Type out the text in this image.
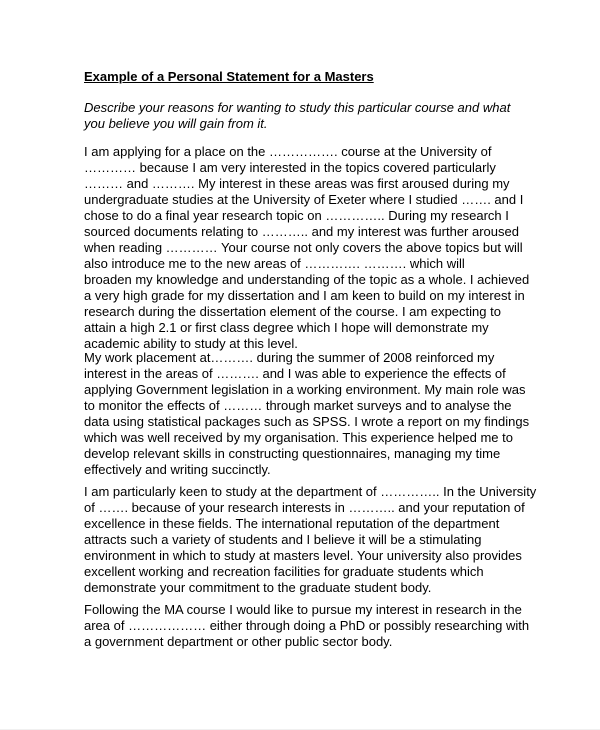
Example of a Personal Statement for a Masters
Describe your reasons for wanting to study this particular course and what
you believe you will gain from it.
I am applying for a place on the ……………. course at the University of
………… because I am very interested in the topics covered particularly
……… and ………. My interest in these areas was first aroused during my
undergraduate studies at the University of Exeter where I studied ……. and I
chose to do a final year research topic on ………….. During my research I
sourced documents relating to ……….. and my interest was further aroused
when reading ………… Your course not only covers the above topics but will
also introduce me to the new areas of …………. ………. which will
broaden my knowledge and understanding of the topic as a whole. I achieved
a very high grade for my dissertation and I am keen to build on my interest in
research during the dissertation element of the course. I am expecting to
attain a high 2.1 or first class degree which I hope will demonstrate my
academic ability to study at this level.
My work placement at………. during the summer of 2008 reinforced my
interest in the areas of ………. and I was able to experience the effects of
applying Government legislation in a working environment. My main role was
to monitor the effects of ……… through market surveys and to analyse the
data using statistical packages such as SPSS. I wrote a report on my findings
which was well received by my organisation. This experience helped me to
develop relevant skills in constructing questionnaires, managing my time
effectively and writing succinctly.
I am particularly keen to study at the department of ………….. In the University
of ……. because of your research interests in ……….. and your reputation of
excellence in these fields. The international reputation of the department
attracts such a variety of students and I believe it will be a stimulating
environment in which to study at masters level. Your university also provides
excellent working and recreation facilities for graduate students which
demonstrate your commitment to the graduate student body.
Following the MA course I would like to pursue my interest in research in the
area of ……………… either through doing a PhD or possibly researching with
a government department or other public sector body.
